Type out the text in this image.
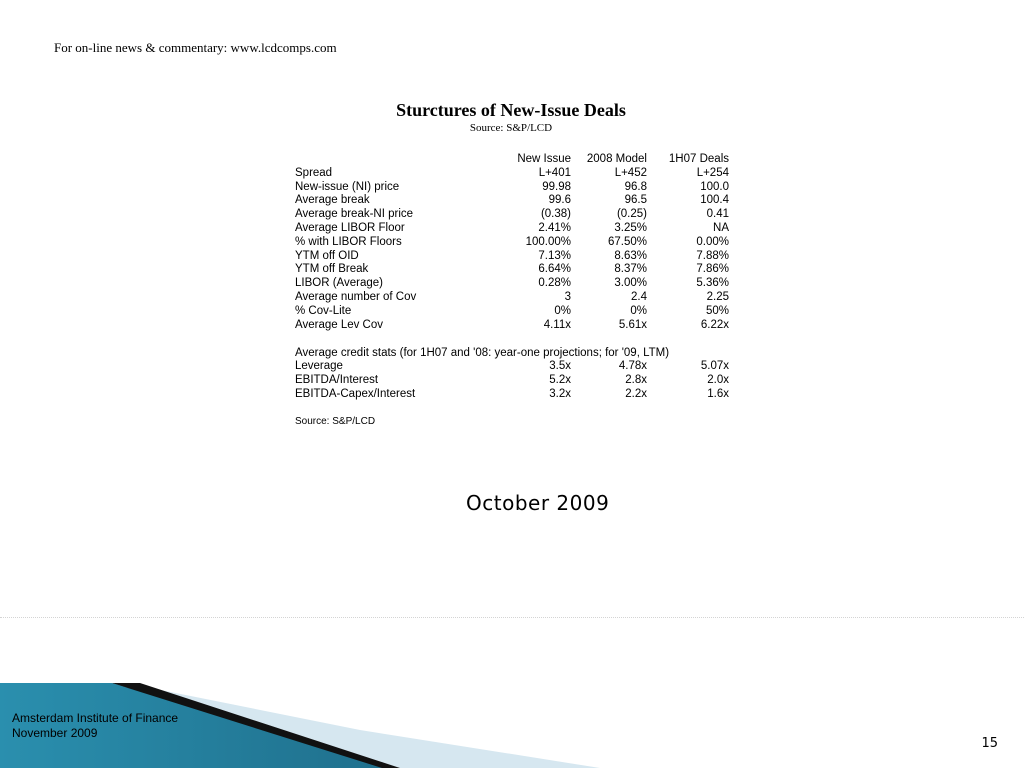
For on-line news & commentary: www.lcdcomps.com
Sturctures of New-Issue Deals
Source: S&P/LCD
	New Issue	2008 Model	1H07 Deals
Spread	L+401	L+452	L+254
New-issue (NI) price	99.98	96.8	100.0
Average break	99.6	96.5	100.4
Average break-NI price	(0.38)	(0.25)	0.41
Average LIBOR Floor	2.41%	3.25%	NA
% with LIBOR Floors	100.00%	67.50%	0.00%
YTM off OID	7.13%	8.63%	7.88%
YTM off Break	6.64%	8.37%	7.86%
LIBOR (Average)	0.28%	3.00%	5.36%
Average number of Cov	3	2.4	2.25
% Cov-Lite	0%	0%	50%
Average Lev Cov	4.11x	5.61x	6.22x
Average credit stats (for 1H07 and '08: year-one projections; for '09, LTM)
Leverage	3.5x	4.78x	5.07x
EBITDA/Interest	5.2x	2.8x	2.0x
EBITDA-Capex/Interest	3.2x	2.2x	1.6x
Source: S&P/LCD
October 2009
Amsterdam Institute of Finance
November 2009
15
